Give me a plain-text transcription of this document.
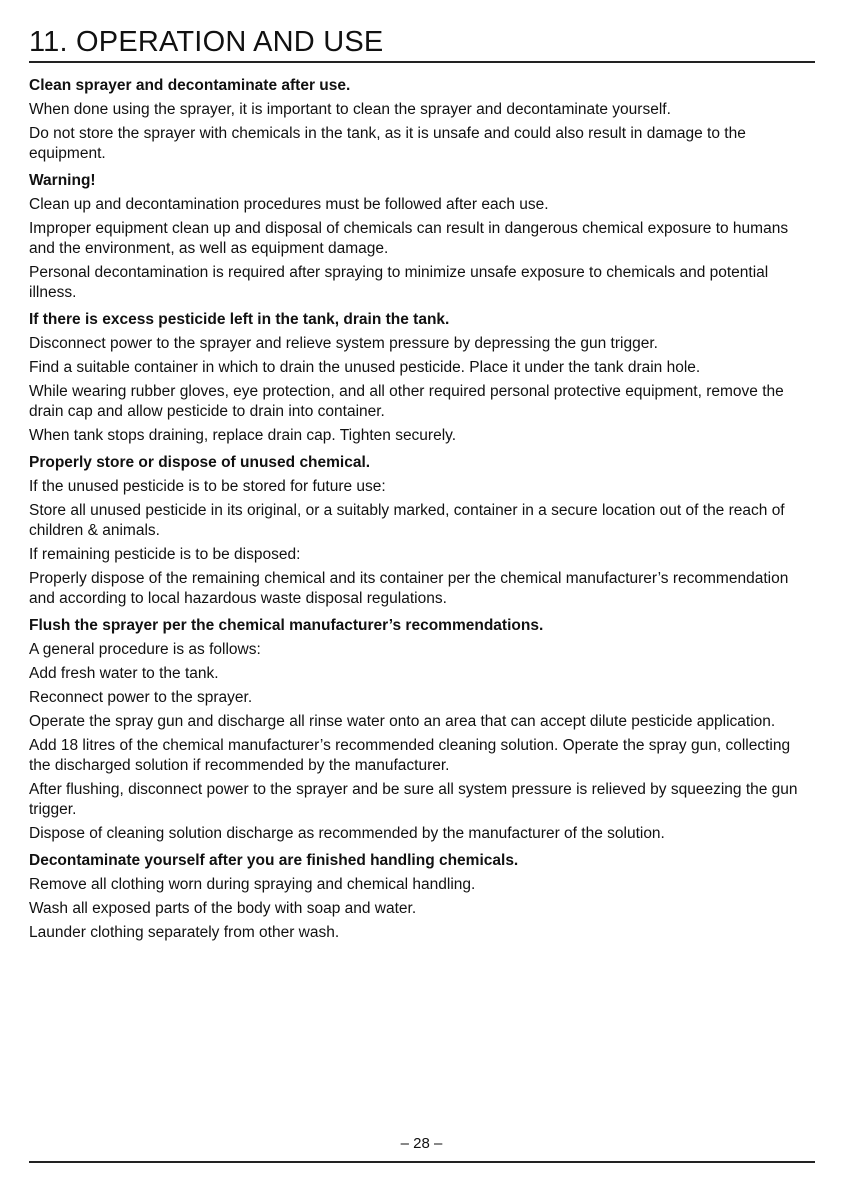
11. OPERATION AND USE
Clean sprayer and decontaminate after use.

When done using the sprayer, it is important to clean the sprayer and decontaminate yourself.

Do not store the sprayer with chemicals in the tank, as it is unsafe and could also result in damage to the equipment.

Warning!

Clean up and decontamination procedures must be followed after each use.

Improper equipment clean up and disposal of chemicals can result in dangerous chemical exposure to humans and the environment, as well as equipment damage.

Personal decontamination is required after spraying to minimize unsafe exposure to chemicals and potential illness.

If there is excess pesticide left in the tank, drain the tank.

Disconnect power to the sprayer and relieve system pressure by depressing the gun trigger.

Find a suitable container in which to drain the unused pesticide. Place it under the tank drain hole.

While wearing rubber gloves, eye protection, and all other required personal protective equipment, remove the drain cap and allow pesticide to drain into container.

When tank stops draining, replace drain cap. Tighten securely.

Properly store or dispose of unused chemical.

If the unused pesticide is to be stored for future use:

Store all unused pesticide in its original, or a suitably marked, container in a secure location out of the reach of children & animals.

If remaining pesticide is to be disposed:

Properly dispose of the remaining chemical and its container per the chemical manufacturer’s recommendation and according to local hazardous waste disposal regulations.

Flush the sprayer per the chemical manufacturer’s recommendations.

A general procedure is as follows:

Add fresh water to the tank.

Reconnect power to the sprayer.

Operate the spray gun and discharge all rinse water onto an area that can accept dilute pesticide application.

Add 18 litres of the chemical manufacturer’s recommended cleaning solution. Operate the spray gun, collecting the discharged solution if recommended by the manufacturer.

After flushing, disconnect power to the sprayer and be sure all system pressure is relieved by squeezing the gun trigger.

Dispose of cleaning solution discharge as recommended by the manufacturer of the solution.

Decontaminate yourself after you are finished handling chemicals.

Remove all clothing worn during spraying and chemical handling.

Wash all exposed parts of the body with soap and water.

Launder clothing separately from other wash.

– 28 –
